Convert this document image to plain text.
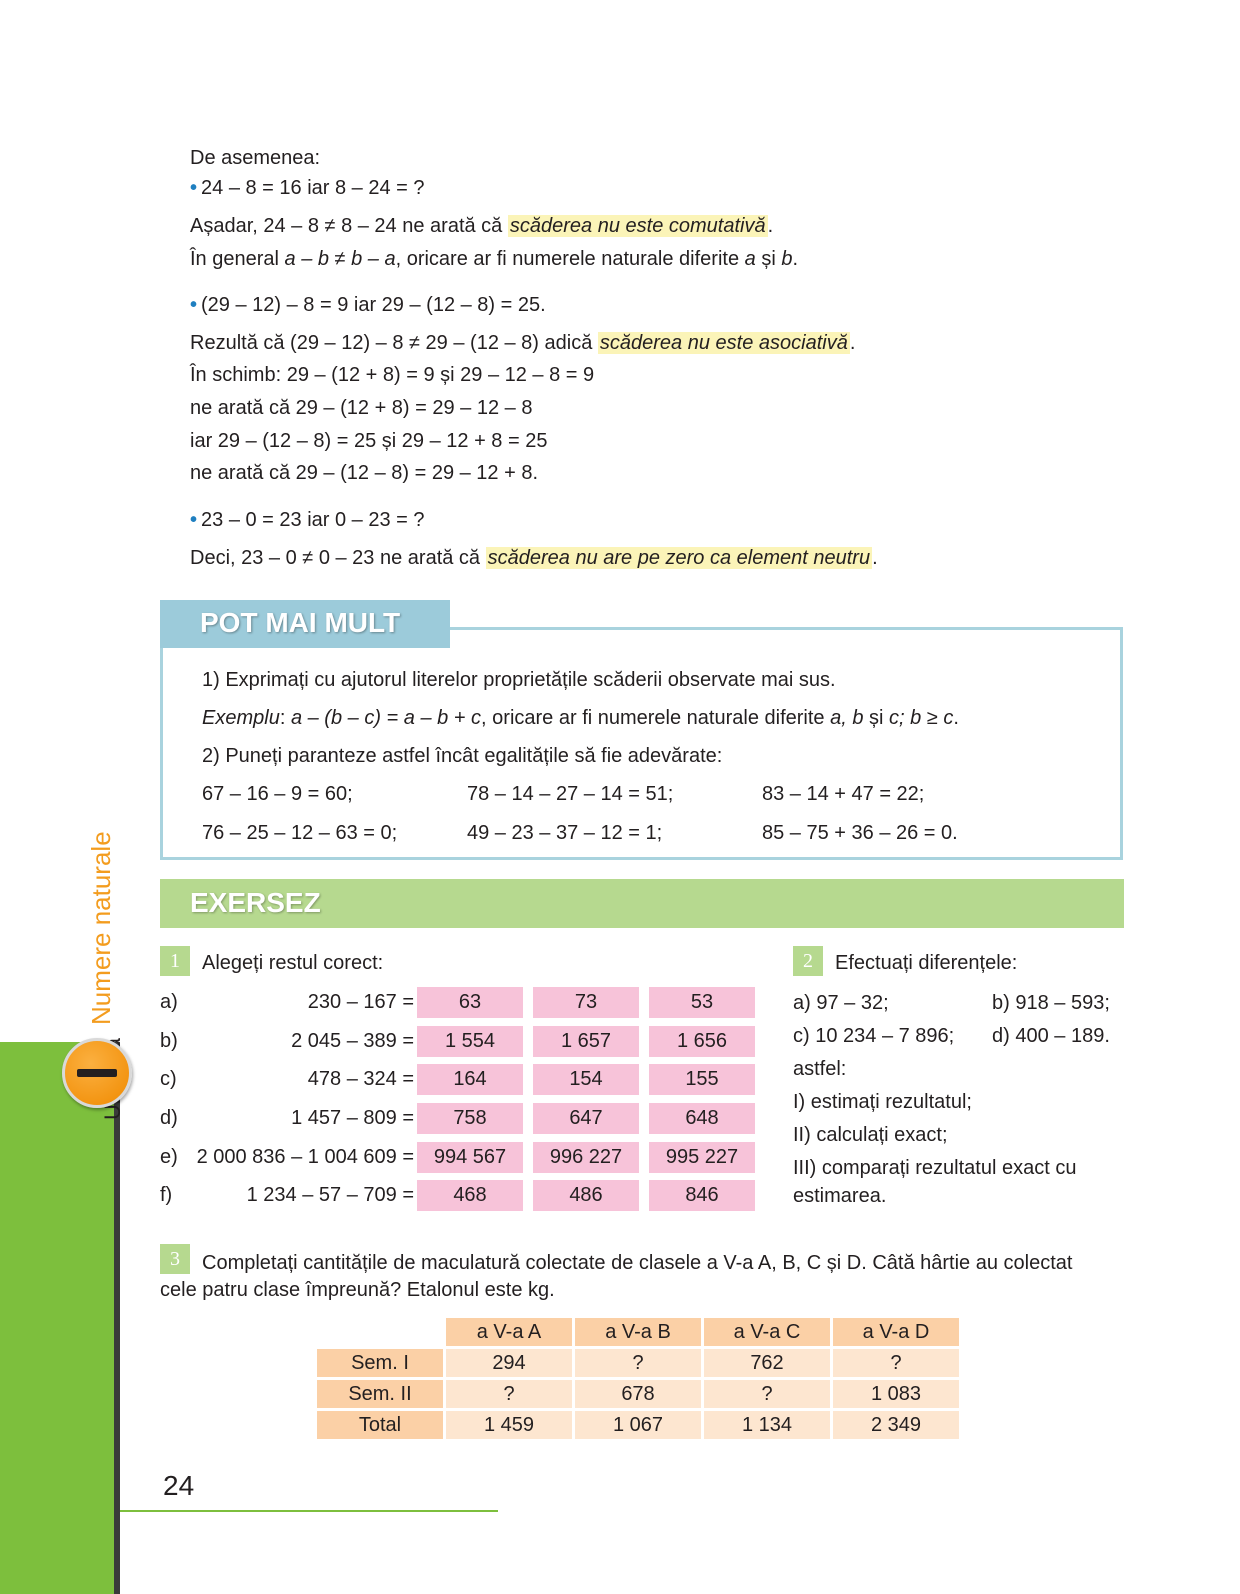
Numere naturale
De asemenea:
• 24 – 8 = 16 iar 8 – 24 = ?
Așadar, 24 – 8 ≠ 8 – 24 ne arată că scăderea nu este comutativă .
În general a – b ≠ b – a, oricare ar fi numerele naturale diferite a și b.
• (29 – 12) – 8 = 9 iar 29 – (12 – 8) = 25.
Rezultă că (29 – 12) – 8 ≠ 29 – (12 – 8) adică scăderea nu este asociativă .
În schimb: 29 – (12 + 8) = 9 și 29 – 12 – 8 = 9
ne arată că 29 – (12 + 8) = 29 – 12 – 8
iar 29 – (12 – 8) = 25 și 29 – 12 + 8 = 25
ne arată că 29 – (12 – 8) = 29 – 12 + 8.
• 23 – 0 = 23 iar 0 – 23 = ?
Deci, 23 – 0 ≠ 0 – 23 ne arată că scăderea nu are pe zero ca element neutru .
POT MAI MULT
1) Exprimați cu ajutorul literelor proprietățile scăderii observate mai sus.
Exemplu: a – (b – c) = a – b + c, oricare ar fi numerele naturale diferite a, b și c; b ≥ c.
2) Puneți paranteze astfel încât egalitățile să fie adevărate:
67 – 16 – 9 = 60;	78 – 14 – 27 – 14 = 51;	83 – 14 + 47 = 22;
76 – 25 – 12 – 63 = 0;	49 – 23 – 37 – 12 = 1;	85 – 75 + 36 – 26 = 0.
EXERSEZ
1	Alegeți restul corect:
a)	230 – 167 =	63	73	53
b)	2 045 – 389 =	1 554	1 657	1 656
c)	478 – 324 =	164	154	155
d)	1 457 – 809 =	758	647	648
e) 2 000 836 – 1 004 609 = 994 567	996 227	995 227
f)	1 234 – 57 – 709 =	468	486	846
2	Efectuați diferențele:
a) 97 – 32;	b) 918 – 593;
c) 10 234 – 7 896; d) 400 – 189.
astfel:
I) estimați rezultatul;
II) calculați exact;
III) comparați rezultatul exact cu
estimarea.
3	Completați cantitățile de maculatură colectate de clasele a V-a A, B, C și D. Câtă hârtie au colectat
cele patru clase împreună? Etalonul este kg.
a V-a A	a V-a B	a V-a C	a V-a D
Sem. I	294	?	762	?
Sem. II	?	678	?	1 083
Total	1 459	1 067	1 134	2 349
24
